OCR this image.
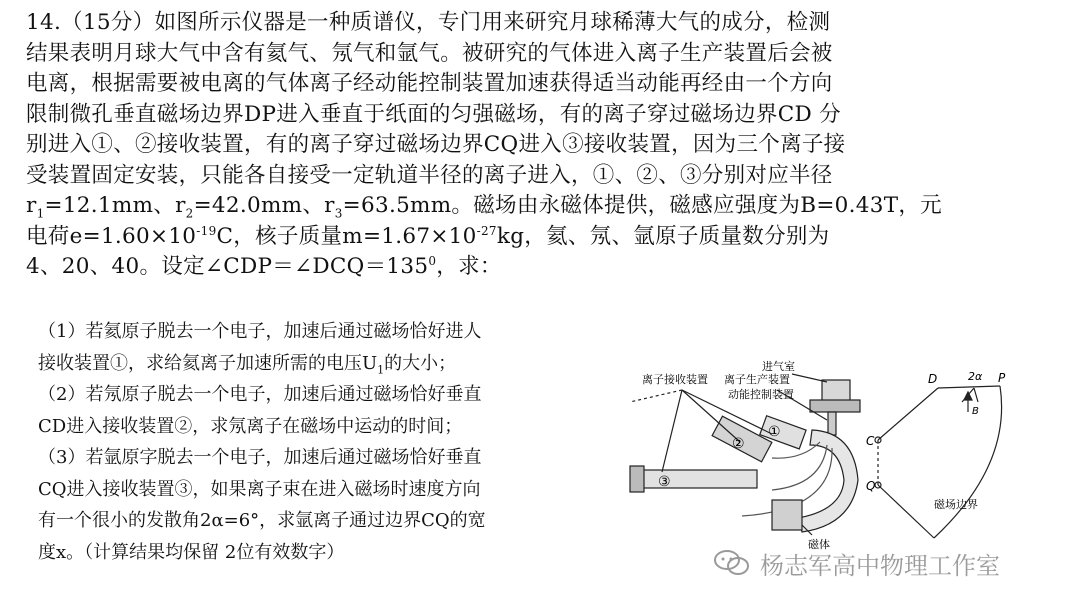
14.（15分）如图所示仪器是一种质谱仪，专门用来研究月球稀薄大气的成分，检测

结果表明月球大气中含有氦气、氖气和氩气。被研究的气体进入离子生产装置后会被

电离，根据需要被电离的气体离子经动能控制装置加速获得适当动能再经由一个方向

限制微孔垂直磁场边界DP进入垂直于纸面的匀强磁场，有的离子穿过磁场边界CD 分

别进入①、②接收装置，有的离子穿过磁场边界CQ进入③接收装置，因为三个离子接

受装置固定安装，只能各自接受一定轨道半径的离子进入，①、②、③分别对应半径

$r_1=12.1mm$、$r_2=42.0mm$、$r_3=63.5mm$。磁场由永磁体提供，磁感应强度为B=0.43T，元

电荷$e=1.60\times 10^{-19}C$，核子质量$m=1.67\times 10^{-27}kg$，氦、氖、氩原子质量数分别为

4、20、40。设定$\angle CDP=\angle DCQ=135^0$，求：

（1）若氦原子脱去一个电子，加速后通过磁场恰好进人

接收装置①，求给氦离子加速所需的电压$U_1$的大小；

（2）若氖原子脱去一个电子，加速后通过磁场恰好垂直

CD进入接收装置②，求氖离子在磁场中运动的时间；

（3）若氩原字脱去一个电子，加速后通过磁场恰好垂直

CQ进入接收装置③，如果离子束在进入磁场时速度方向

有一个很小的发散角2α=6°，求氩离子通过边界CQ的宽

度x。（计算结果均保留 2位有效数字）

离子接收装置 离子生产装置
进气室
动能控制装置
磁体
①
②
③
D	P
C
Q
2α
B
磁场边界
杨志军高中物理工作室
